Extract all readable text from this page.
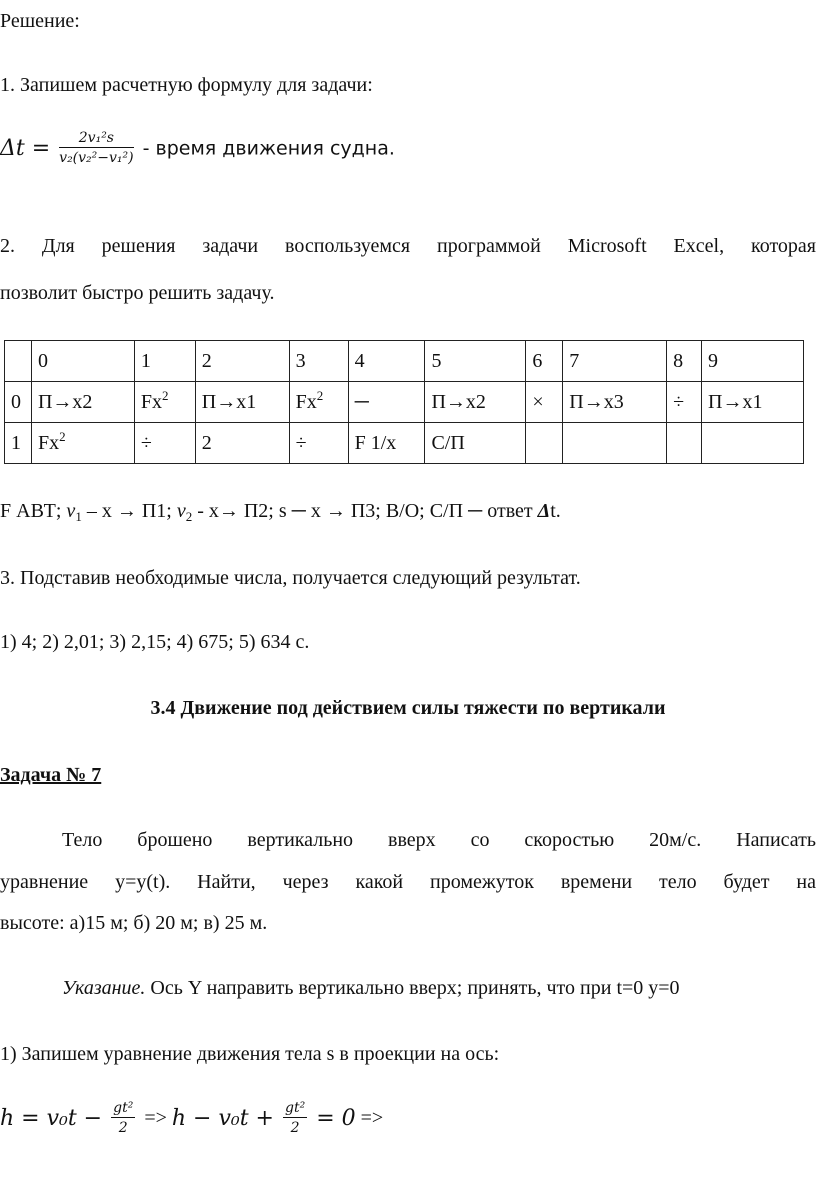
Решение:
1. Запишем расчетную формулу для задачи:
$\Delta t = \frac{\text{2v₁²s}}{\text{v₂(v₂²−v₁²)}}$ - время движения судна.
2. Для решения задачи воспользуемся программой Microsoft Excel, которая
позволит быстро решить задачу.
	0	1	2	3	4	5	6	7	8	9
0	П→x2	Fx$^2$	П→x1	Fx$^2$	─	П→x2	×	П→x3	÷	П→x1
1	$Fx^2$	÷	2	÷	F 1/x	С/П				
F АВТ; $v_1 - x \to П1$; $v_2 - x\to П2$; s ─ x → П3; В/О; С/П ─ ответ Δt.
3. Подставив необходимые числа, получается следующий результат.
1) 4; 2) 2,01; 3) 2,15; 4) 675; 5) 634 с.
3.4 Движение под действием силы тяжести по вертикали
Задача № 7
Тело брошено вертикально вверх со скоростью 20м/с. Написать
уравнение y=y(t). Найти, через какой промежуток времени тело будет на
высоте: а)15 м; б) 20 м; в) 25 м.
Указание. Ось Y направить вертикально вверх; принять, что при t=0 y=0
1) Запишем уравнение движения тела s в проекции на ось:
$h = v_0t - \frac{\text{gt²}}{2} => h - v_0t + \frac{\text{gt²}}{2} = 0$ =>
